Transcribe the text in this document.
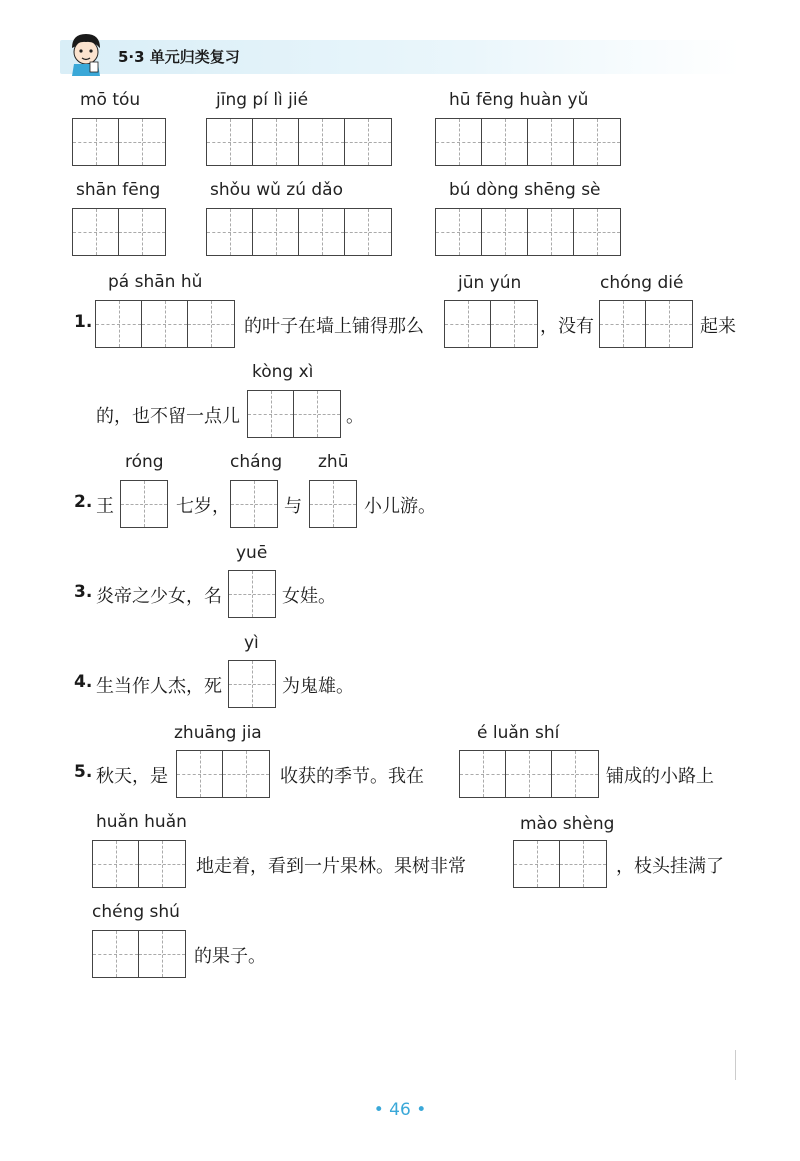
5·3 单元归类复习
mō tóu	jīng pí lì jié	hū fēng huàn yǔ
shān fēng	shǒu wǔ zú dǎo	bú dòng shēng sè
1.
pá shān hǔ
的叶子在墙上铺得那么
jūn yún
，没有
chóng dié
起来
的，也不留一点儿
kòng xì
。
2. 王
róng
七岁，
cháng
与
zhū
小儿游。
3. 炎帝之少女，名
yuē
女娃。
4. 生当作人杰，死
yì
为鬼雄。
5. 秋天，是
zhuāng jia
收获的季节。我在
é luǎn shí
铺成的小路上
huǎn huǎn
地走着，看到一片果林。果树非常
mào shèng
，枝头挂满了
chéng shú
的果子。
• 46 •
